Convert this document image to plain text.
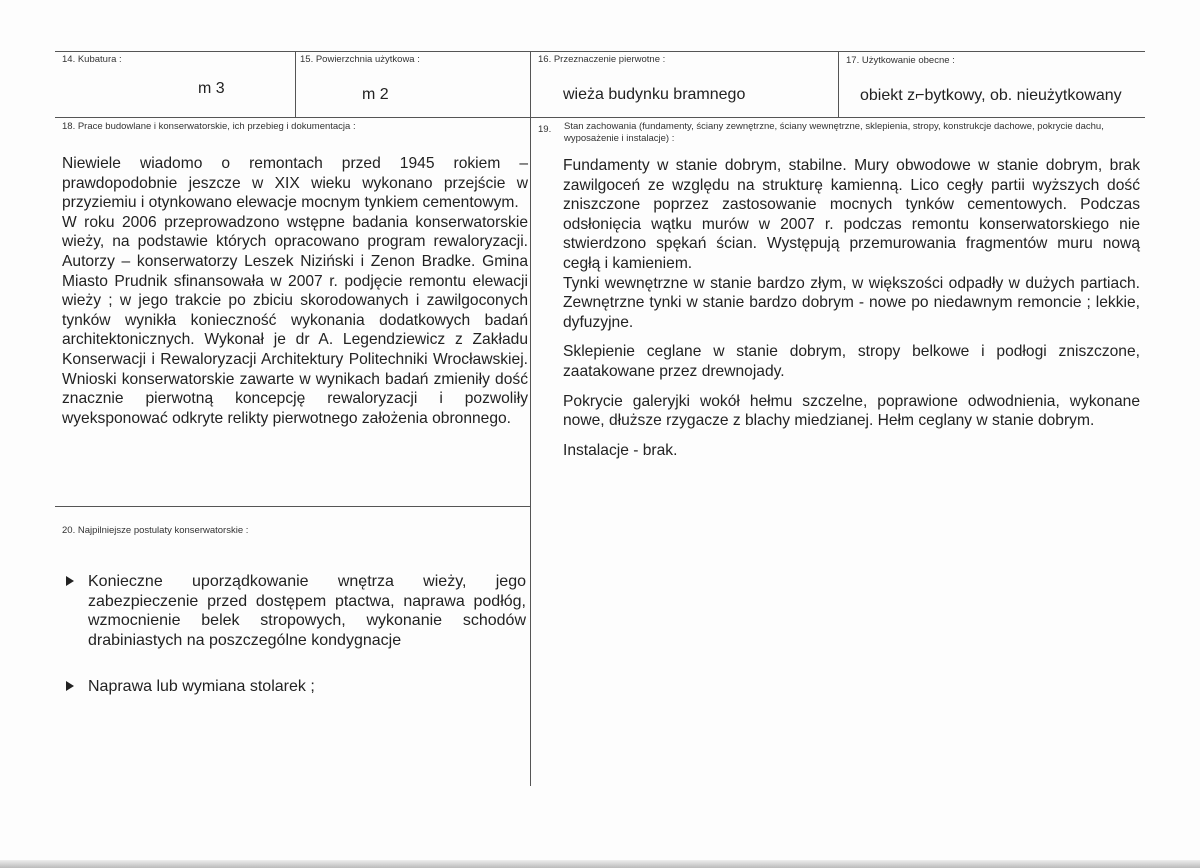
14. Kubatura :
m 3
15. Powierzchnia użytkowa :
m 2
16. Przeznaczenie pierwotne :
wieża budynku bramnego
17. Użytkowanie obecne :
obiekt z⌐bytkowy, ob. nieużytkowany
18. Prace budowlane i konserwatorskie, ich przebieg i dokumentacja :

Niewiele wiadomo o remontach przed 1945 rokiem – prawdopodobnie jeszcze w XIX wieku wykonano przejście w przyziemiu i otynkowano elewacje mocnym tynkiem cementowym.

W roku 2006 przeprowadzono wstępne badania konserwatorskie wieży, na podstawie których opracowano program rewaloryzacji. Autorzy – konserwatorzy Leszek Niziński i Zenon Bradke. Gmina Miasto Prudnik sfinansowała w 2007 r. podjęcie remontu elewacji wieży ; w jego trakcie po zbiciu skorodowanych i zawilgoconych tynków wynikła konieczność wykonania dodatkowych badań architektonicznych. Wykonał je dr A. Legendziewicz z Zakładu Konserwacji i Rewaloryzacji Architektury Politechniki Wrocławskiej. Wnioski konserwatorskie zawarte w wynikach badań zmieniły dość znacznie pierwotną koncepcję rewaloryzacji i pozwoliły wyeksponować odkryte relikty pierwotnego założenia obronnego.

19. Stan zachowania (fundamenty, ściany zewnętrzne, ściany wewnętrzne, sklepienia, stropy, konstrukcje dachowe, pokrycie dachu, wyposażenie i instalacje) :

Fundamenty w stanie dobrym, stabilne. Mury obwodowe w stanie dobrym, brak zawilgoceń ze względu na strukturę kamienną. Lico cegły partii wyższych dość zniszczone poprzez zastosowanie mocnych tynków cementowych. Podczas odsłonięcia wątku murów w 2007 r. podczas remontu konserwatorskiego nie stwierdzono spękań ścian. Występują przemurowania fragmentów muru nową cegłą i kamieniem.

Tynki wewnętrzne w stanie bardzo złym, w większości odpadły w dużych partiach. Zewnętrzne tynki w stanie bardzo dobrym - nowe po niedawnym remoncie ; lekkie, dyfuzyjne.

Sklepienie ceglane w stanie dobrym, stropy belkowe i podłogi zniszczone, zaatakowane przez drewnojady.

Pokrycie galeryjki wokół hełmu szczelne, poprawione odwodnienia, wykonane nowe, dłuższe rzygacze z blachy miedzianej. Hełm ceglany w stanie dobrym.

Instalacje - brak.

20. Najpilniejsze postulaty konserwatorskie :
Konieczne uporządkowanie wnętrza wieży, jego zabezpieczenie przed dostępem ptactwa, naprawa podłóg, wzmocnienie belek stropowych, wykonanie schodów drabiniastych na poszczególne kondygnacje
Naprawa lub wymiana stolarek ;
